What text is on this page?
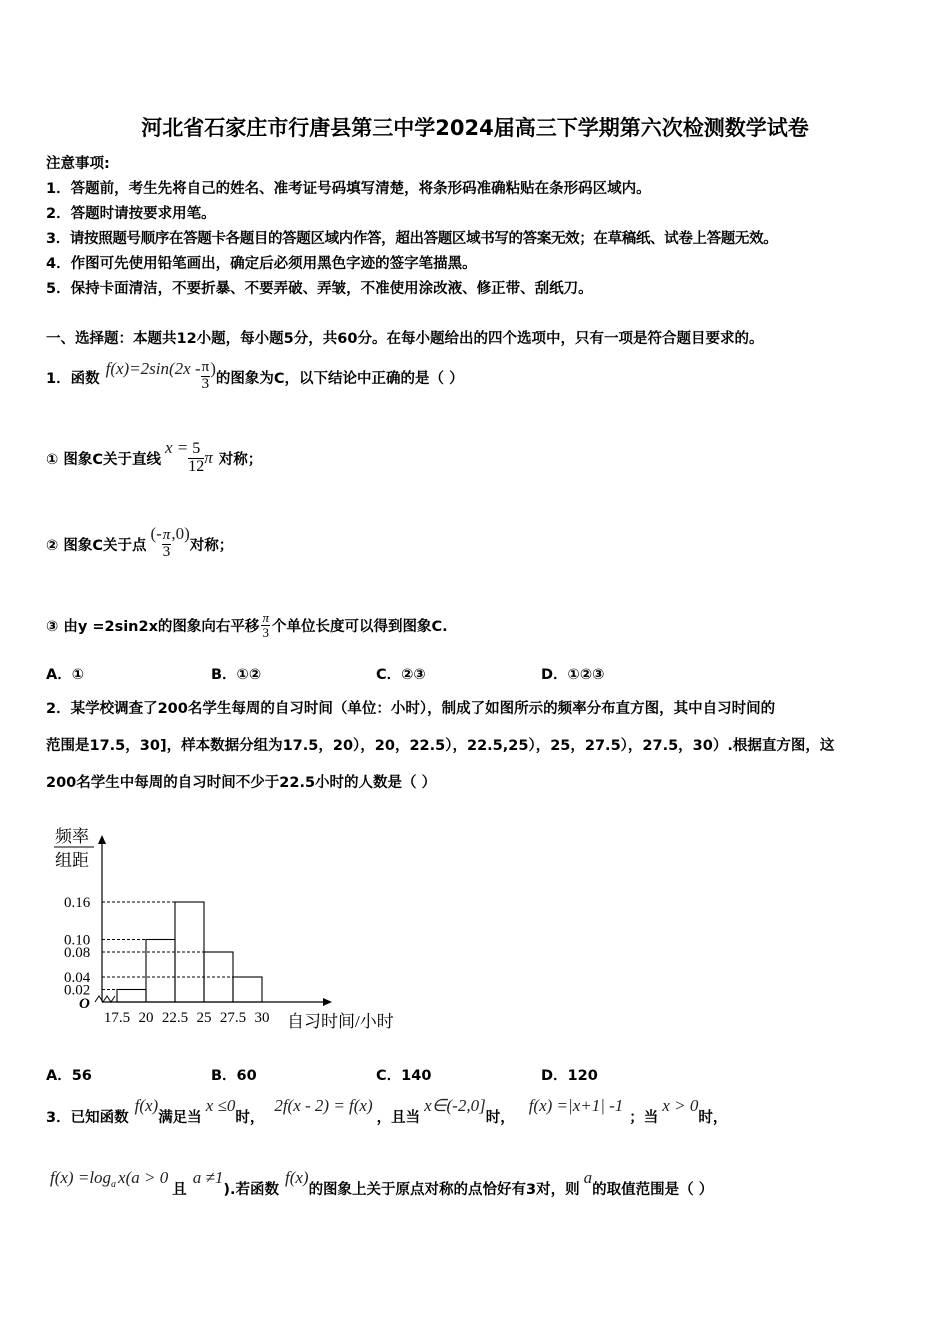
河北省石家庄市行唐县第三中学2024届高三下学期第六次检测数学试卷
注意事项:
1．答题前，考生先将自己的姓名、准考证号码填写清楚，将条形码准确粘贴在条形码区域内。
2．答题时请按要求用笔。
3．请按照题号顺序在答题卡各题目的答题区域内作答，超出答题区域书写的答案无效；在草稿纸、试卷上答题无效。
4．作图可先使用铅笔画出，确定后必须用黑色字迹的签字笔描黑。
5．保持卡面清洁，不要折暴、不要弄破、弄皱，不准使用涂改液、修正带、刮纸刀。
一、选择题：本题共12小题，每小题5分，共60分。在每小题给出的四个选项中，只有一项是符合题目要求的。
1．函数
$f(x)=2\sin(2x - \frac{\pi}{3}$ )
的图象为C，以下结论中正确的是（ ）
① 图象C关于直线
$x = \frac{5}{12}$ π 对称；
② 图象C关于点
(- $\frac{\pi}{3} ,0$)
对称；
③ 由y =2sin2x的图象向右平移 $\frac{\pi}{3}$ 个单位长度可以得到图象C.
A．①	B．①②	C．②③	D．①②③
2．某学校调查了200名学生每周的自习时间（单位：小时），制成了如图所示的频率分布直方图，其中自习时间的
范围是17.5，30]，样本数据分组为17.5，20），20，22.5），22.5,25），25，27.5），27.5，30）.根据直方图，这
200名学生中每周的自习时间不少于22.5小时的人数是（ ）
频率
组距
O
自习时间/小时
0.02
0.04
0.08
0.10
0.16
17.5 20 22.5 25 27.5 30
A．56	B．60	C．140	D．120
3．已知函数
f(x)
满足当
x ≤0
时，
2f(x - 2) = f(x)
，且当
x∈(-2,0]
时，
f(x) =|x+1| -1
；当
x > 0
时，
f(x) =log a x(a > 0
且
a ≠1
).若函数
f(x)
的图象上关于原点对称的点恰好有3对，则
a
的取值范围是（ ）
